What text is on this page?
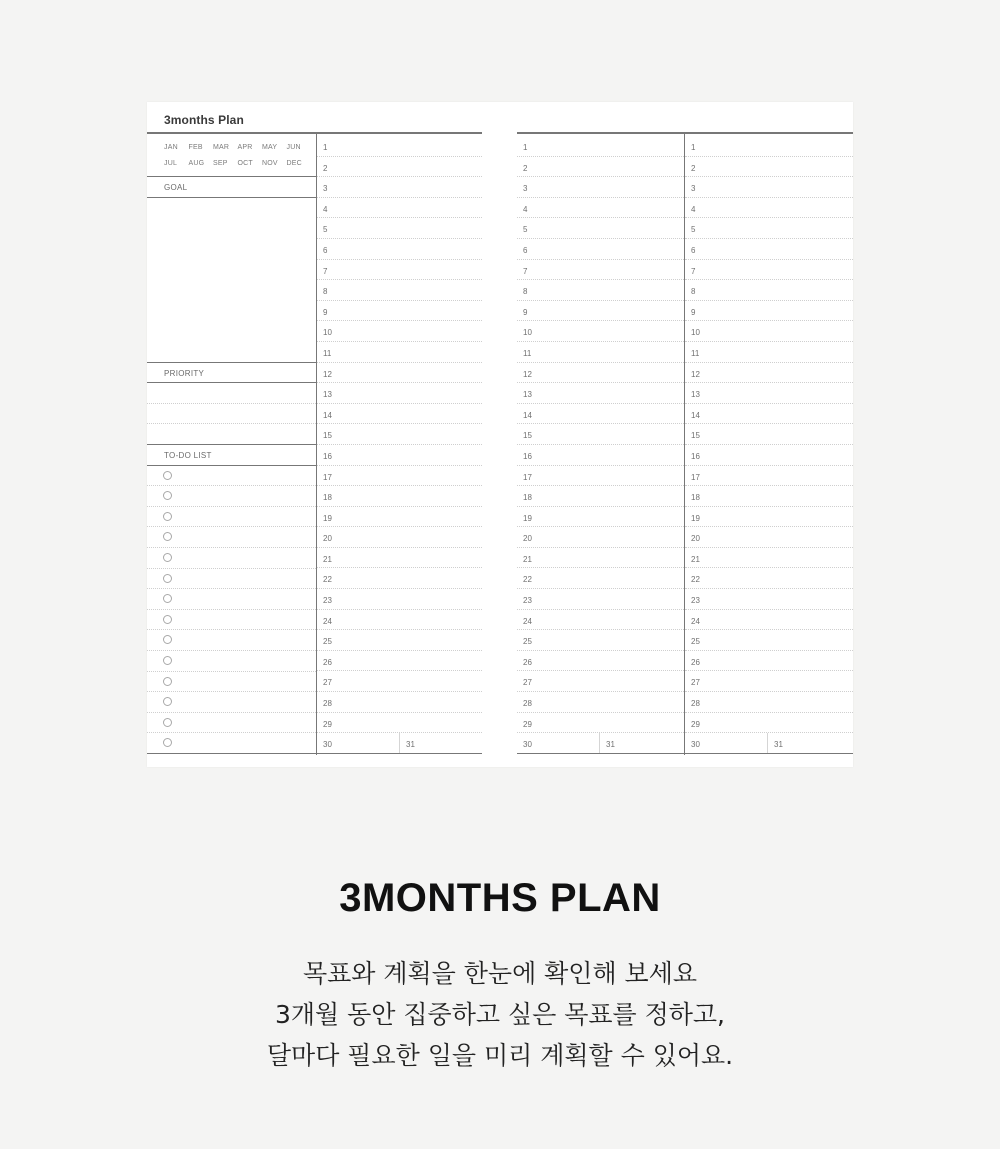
3months Plan
JAN	FEB	MAR	APR	MAY	JUN
JUL	AUG	SEP	OCT	NOV	DEC
GOAL
PRIORITY
TO-DO LIST
1
2
3
4
5
6
7
8
9
10
11
12
13
14
15
16
17
18
19
20
21
22
23
24
25
26
27
28
29
30	31
1
2
3
4
5
6
7
8
9
10
11
12
13
14
15
16
17
18
19
20
21
22
23
24
25
26
27
28
29
30	31
1
2
3
4
5
6
7
8
9
10
11
12
13
14
15
16
17
18
19
20
21
22
23
24
25
26
27
28
29
30	31
3MONTHS PLAN
목표와 계획을 한눈에 확인해 보세요
3개월 동안 집중하고 싶은 목표를 정하고,
달마다 필요한 일을 미리 계획할 수 있어요.
